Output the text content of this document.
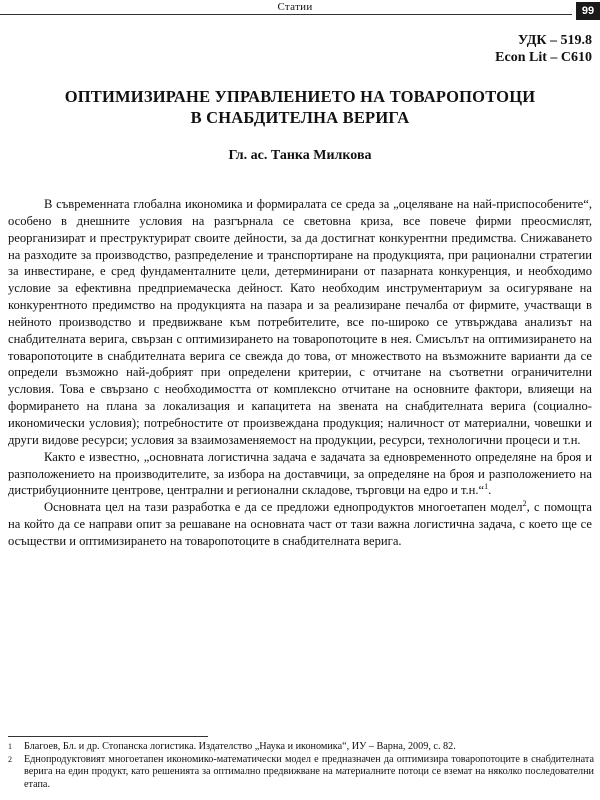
Статии	99
УДК – 519.8
Econ Lit – C610
ОПТИМИЗИРАНЕ УПРАВЛЕНИЕТО НА ТОВАРОПОТОЦИ
В СНАБДИТЕЛНА ВЕРИГА
Гл. ас. Танка Милкова

В съвременната глобална икономика и формиралата се среда за „оцеляване на най-приспособените“, особено в днешните условия на разгърнала се световна криза, все повече фирми преосмислят, реорганизират и преструктурират своите дейности, за да достигнат конкурентни предимства. Снижаването на разходите за производство, разпределение и транспортиране на продукцията, при рационални стратегии за инвестиране, е сред фундаменталните цели, детерминирани от пазарната конкуренция, и необходимо условие за ефективна предприемаческа дейност. Като необходим инструментариум за осигуряване на конкурентното предимство на продукцията на пазара и за реализиране печалба от фирмите, участващи в нейното производство и предвижване към потребителите, все по-широко се утвърждава анализът на снабдителната верига, свързан с оптимизирането на товаропотоците в нея. Смисълът на оптимизирането на товаропотоците в снабдителната верига се свежда до това, от множеството на възможните варианти да се определи възможно най-добрият при определени критерии, с отчитане на съответни ограничителни условия. Това е свързано с необходимостта от комплексно отчитане на основните фактори, влияещи на формирането на плана за локализация и капацитета на звената на снабдителната верига (социално-икономически условия); потребностите от произвеждана продукция; наличност от материални, човешки и други видове ресурси; условия за взаимозаменяемост на продукции, ресурси, технологични процеси и т.н.

Както е известно, „основната логистична задача е задачата за едновременното определяне на броя и разположението на производителите, за избора на доставчици, за определяне на броя и разположението на дистрибуционните центрове, централни и регионални складове, търговци на едро и т.н.“$^1$.

Основната цел на тази разработка е да се предложи еднопродуктов многоетапен модел$^2$, с помощта на който да се направи опит за решаване на основната част от тази важна логистична задача, с което ще се осъществи и оптимизирането на товаропотоците в снабдителната верига.

1	Благоев, Бл. и др. Стопанска логистика. Издателство „Наука и икономика“, ИУ – Варна, 2009, с. 82.
2	Еднопродуктовият многоетапен икономико-математически модел е предназначен да оптимизира товаропотоците в снабдителната верига на един продукт, като решенията за оптимално предвижване на материалните потоци се вземат на няколко последователни етапа.
